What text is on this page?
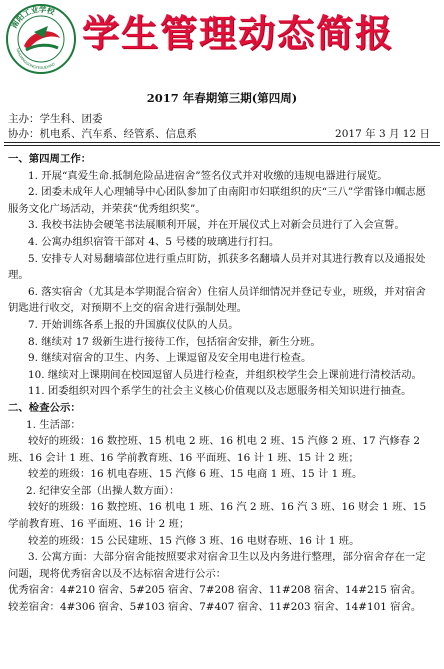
南阳工业学校
NANYANGGONGYEXUEXIAO
学生管理动态简报
2017 年春期第三期(第四周)
主办：学生科、团委
协办：机电系、汽车系、经管系、信息系	2017 年 3 月 12 日

一、第四周工作：

1. 开展“真爱生命.抵制危险品进宿舍”签名仪式并对收缴的违规电器进行展览。

2. 团委未成年人心理辅导中心团队参加了由南阳市妇联组织的庆“三八”学雷锋巾帼志愿服务文化广场活动，并荣获“优秀组织奖”。

3. 我校书法协会硬笔书法展顺利开展，并在开展仪式上对新会员进行了入会宣誓。

4. 公寓办组织宿管干部对 4、5 号楼的玻璃进行打扫。

5. 安排专人对易翻墙部位进行重点盯防，抓获多名翻墙人员并对其进行教育以及通报处理。

6. 落实宿舍（尤其是本学期混合宿舍）住宿人员详细情况并登记专业，班级，并对宿舍钥匙进行收交，对预期不上交的宿舍进行强制处理。

7. 开始训练各系上报的升国旗仪仗队的人员。

8. 继续对 17 级新生进行接待工作，包括宿舍安排，新生分班。

9. 继续对宿舍的卫生、内务、上课逗留及安全用电进行检查。

10. 继续对上课期间在校园逗留人员进行检查，并组织校学生会上课前进行清校活动。

11. 团委组织对四个系学生的社会主义核心价值观以及志愿服务相关知识进行抽查。

二、检查公示：

1. 生活部：

较好的班级：16 数控班、15 机电 2 班、16 机电 2 班、15 汽修 2 班、17 汽修春 2 班、16 会计 1 班、16 学前教育班、16 平面班、16 计 1 班、15 计 2 班；

较差的班级：16 机电春班、15 汽修 6 班、15 电商 1 班、15 计 1 班。

2. 纪律安全部（出操人数方面）：

较好的班级：16 数控班、16 机电 1 班、16 汽 2 班、16 汽 3 班、16 财会 1 班、15 学前教育班、16 平面班、16 计 2 班；

较差的班级：15 公民建班、15 汽修 3 班、16 电财春班、16 计 1 班。

3. 公寓方面：大部分宿舍能按照要求对宿舍卫生以及内务进行整理，部分宿舍存在一定问题，现将优秀宿舍以及不达标宿舍进行公示：

优秀宿舍：4#210 宿舍、5#205 宿舍、7#208 宿舍、11#208 宿舍、14#215 宿舍。

较差宿舍：4#306 宿舍、5#103 宿舍、7#407 宿舍、11#203 宿舍、14#101 宿舍。
